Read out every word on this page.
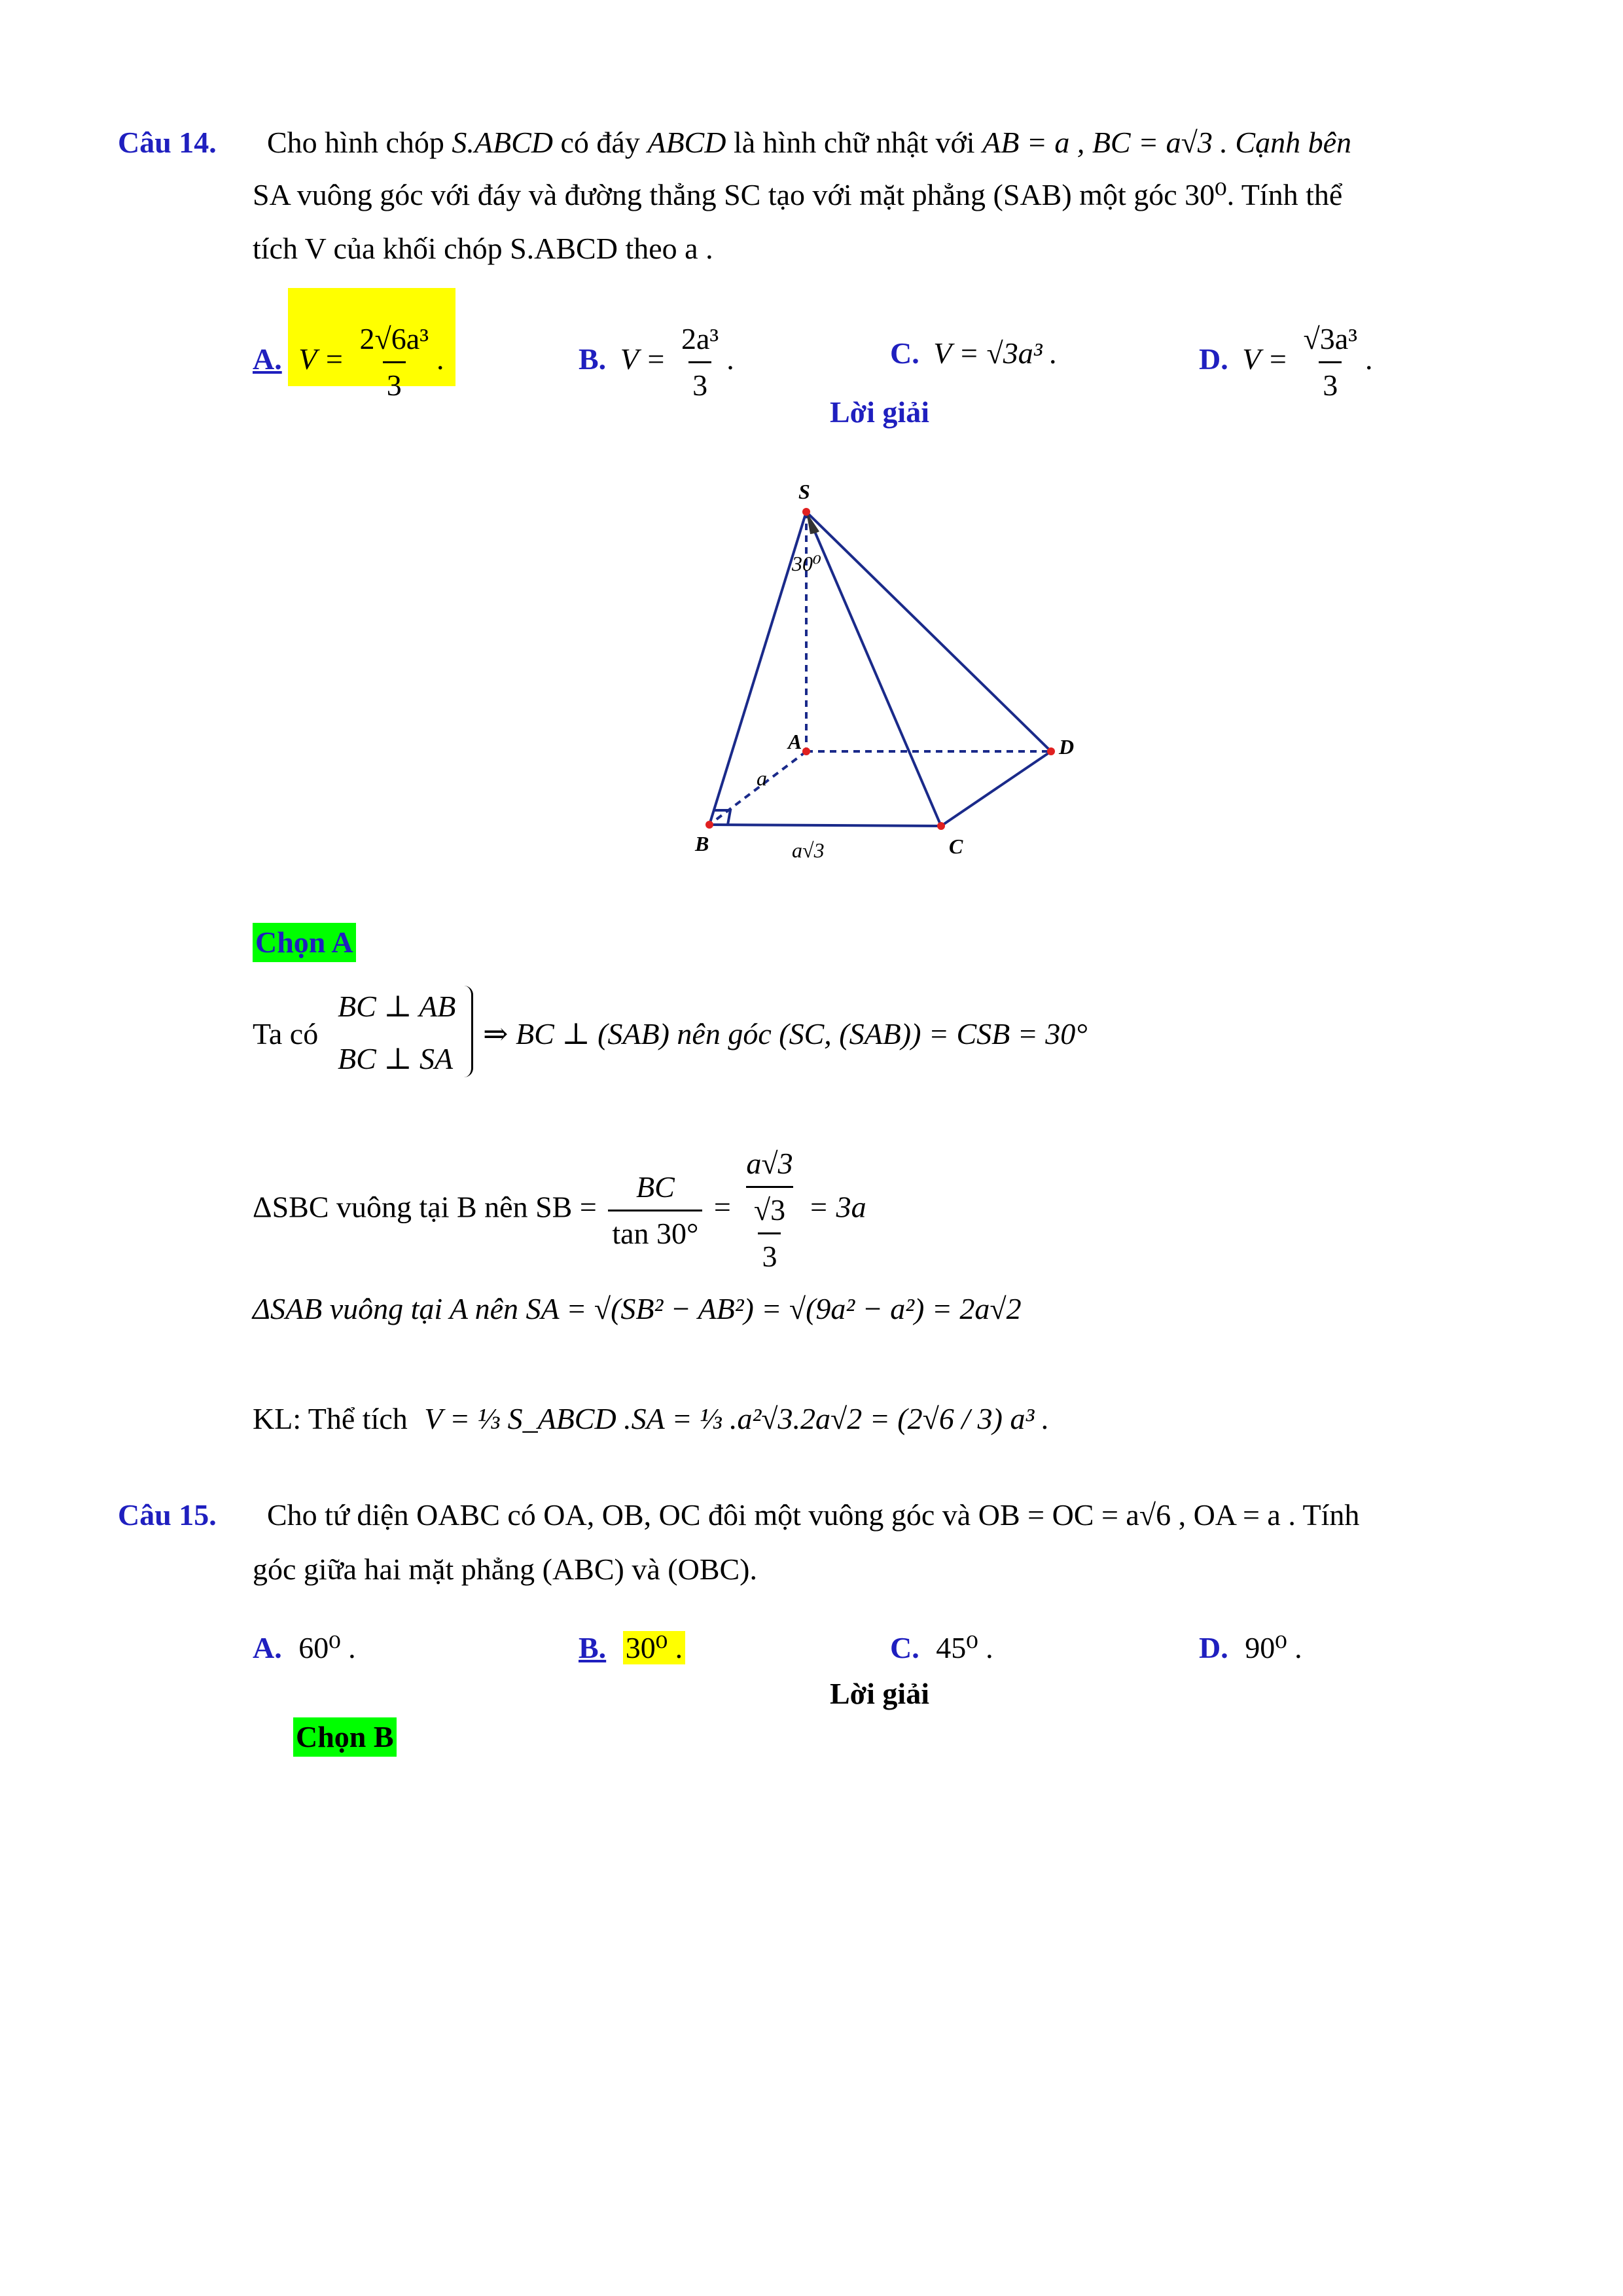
Câu 14. Cho hình chóp S.ABCD có đáy ABCD là hình chữ nhật với AB = a , BC = a√3 . Cạnh bên
SA vuông góc với đáy và đường thẳng SC tạo với mặt phẳng (SAB) một góc 30⁰. Tính thể
tích V của khối chóp S.ABCD theo a .
A. $V = \frac{\text{2√6a³}}{3}$ .	B. $V = \frac{\text{2a³}}{3}$ .	C. V = √3a³ .	D. $V = \frac{\text{√3a³}}{3}$ .
Lời giải
S
A
B	C
D
30⁰
a
a√3
Chọn A
Ta có
BC ⊥ AB
BC ⊥ SA
⇒ BC ⊥ (SAB) nên góc (SC, (SAB)) = CSB = 30°
ΔSBC vuông tại B nên SB = $\frac{BC}{\tan 30^\circ} = \frac{a√3}{\frac{√3}{3}} = 3a$
ΔSAB vuông tại A nên SA = √(SB² − AB²) = √(9a² − a²) = 2a√2
KL: Thể tích V = ⅓ S_ABCD .SA = ⅓ .a²√3.2a√2 = (2√6 / 3) a³ .
Câu 15. Cho tứ diện OABC có OA, OB, OC đôi một vuông góc và OB = OC = a√6 , OA = a . Tính
góc giữa hai mặt phẳng (ABC) và (OBC).
A. 60⁰ .	B. 30⁰ .	C. 45⁰ .	D. 90⁰ .
Lời giải
Chọn B
